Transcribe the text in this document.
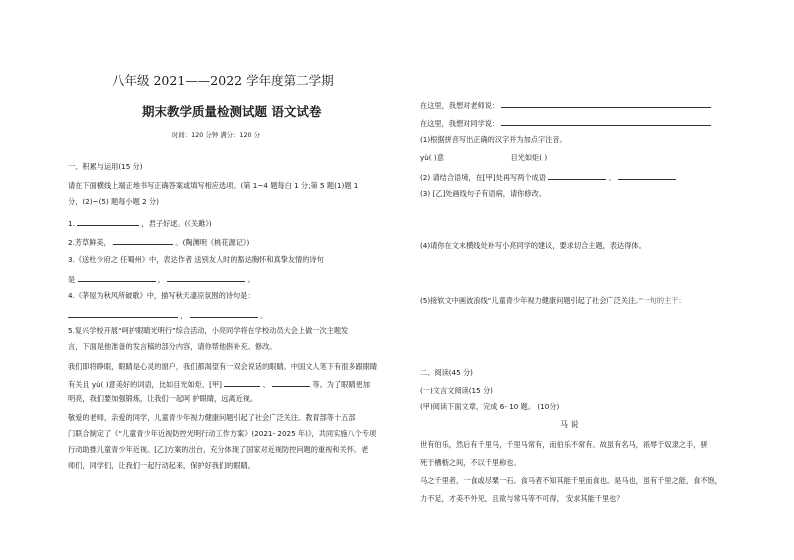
八年级 2021——2022 学年度第二学期
期末教学质量检测试题 语文试卷
时间：120 分钟 满分：120 分
一、积累与运用(15 分)
请在下面横线上端正地书写正确答案或填写相应选项。(第 1~4 题每白 1 分;第 5 题(1)题 1
分，(2)~(5) 题每小题 2 分)
1.	，君子好逑。(《关雎》)
2.芳草鲜美，	。(陶渊明《桃花源记》)
3.《送杜少府之 任蜀州》中，表达作者 送别友人时的豁达胸怀和真挚友情的诗句
是	，	。
4.《茅屋为秋风所破歌》中，描写秋天凄凉氛围的诗句是：
，	。
5.复兴学校开展“呵护眼睛光明行”综合活动，小亮同学将在学校动员大会上做一次主题发
言，下面是他准备的发言稿的部分内容，请你帮他斟补充、修改。
我们即将睁眼，眼睛是心灵的窗户，我们都渴望有一双会说话的眼睛。中国文人笔下有很多跟眼睛
有关且 yù( )意美好的词语，比如目光如炬、[甲]	、	等。为了眼睛更加
明亮，我们要加强锻炼，让我们一起呵 护眼睛，远离近视。
敬爱的老师，亲爱的同学，儿童青少年视力健康问题引起了社会广泛关注。教育部等十五部
门联合制定了《“儿童青少年近视防控光明行动工作方案》(2021- 2025 年)》，共同实施八个专项
行动助推儿童青少年近视。[乙]方案的出台，充分体现了国家对近视防控问题的重视和关怀。老
师们，同学们，让我们一起行动起来，保护好我们的眼睛。
在这里，我想对老师说：
在这里，我想对同学说：
(1)根据拼音写出正确的汉字并为加点字注音。
yù( )意	目光如炬( )
(2) 请结合语境，在[甲]处再写两个成语	、
(3) [乙]处画线句子有语病，请你修改。
(4)请你在文末横线处补写小亮同学的建议，要求切合主题，表达得体。
(5)接软文中画波浪线“儿童青少年视力健康问题引起了社会广泛关注。”一句的主干：
二、阅读(45 分)
(一)文言文阅读(15 分)
(甲)阅读下面文章，完成 6- 10 题。 (10分)
马 说
世有伯乐，然后有千里马，千里马常有，而伯乐不常有。故虽有名马，祇辱于奴隶之手，骈
死于槽枥之间，不以千里称也。
马之千里者，一食或尽粟一石。食马者不知其能千里而食也。是马也，虽有千里之能，食不饱，
力不足，才美不外见，且欲与常马等不可得， 安求其能千里也？
